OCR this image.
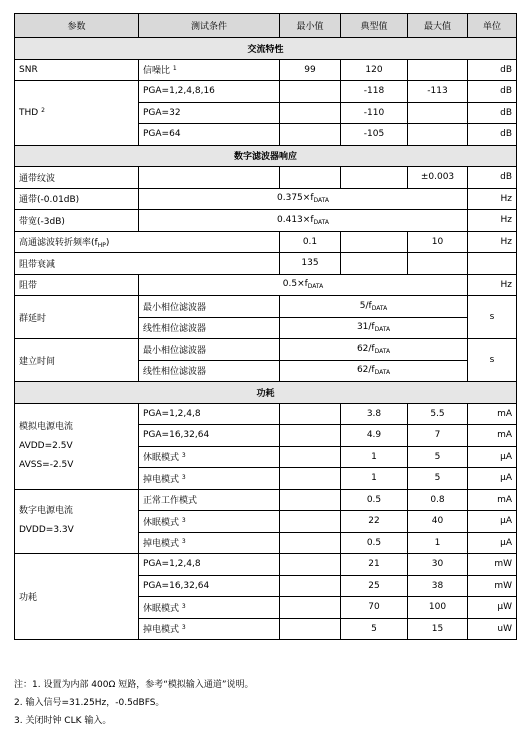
参数	测试条件	最小值	典型值	最大值	单位
交流特性					
SNR	信噪比 $^1$	99	120		dB
THD $^2$	PGA=1,2,4,8,16		-118	-113	dB
	PGA=32		-110		dB
	PGA=64		-105		dB
数字滤波器响应					
通带纹波				±0.003	dB
通带(-0.01dB)	$0.375\times f_{DATA}$				Hz
带宽(-3dB)	$0.413\times f_{DATA}$				Hz
高通滤波转折频率$(f_{HP})$		0.1		10	Hz
阻带衰减		135			
阻带	$0.5\times f_{DATA}$				Hz
群延时	最小相位滤波器	$5/f_{DATA}$			s
	线性相位滤波器	$31/f_{DATA}$
建立时间	最小相位滤波器	$62/f_{DATA}$			s
	线性相位滤波器	$62/f_{DATA}$
功耗					

模拟电源电流
AVDD=2.5V
AVSS=-2.5V	PGA=1,2,4,8		3.8	5.5	mA
	PGA=16,32,64		4.9	7	mA
	休眠模式 $^3$		1	5	μA
	掉电模式 $^3$		1	5	μA

数字电源电流
DVDD=3.3V	正常工作模式		0.5	0.8	mA
	休眠模式 $^3$		22	40	μA
	掉电模式 $^3$		0.5	1	μA
功耗	PGA=1,2,4,8		21	30	mW
	PGA=16,32,64		25	38	mW
	休眠模式 $^3$		70	100	μW
	掉电模式 $^3$		5	15	uW
注：1. 设置为内部 400Ω 短路，参考“模拟输入通道”说明。
2. 输入信号=31.25Hz，-0.5dBFS。
3. 关闭时钟 CLK 输入。
